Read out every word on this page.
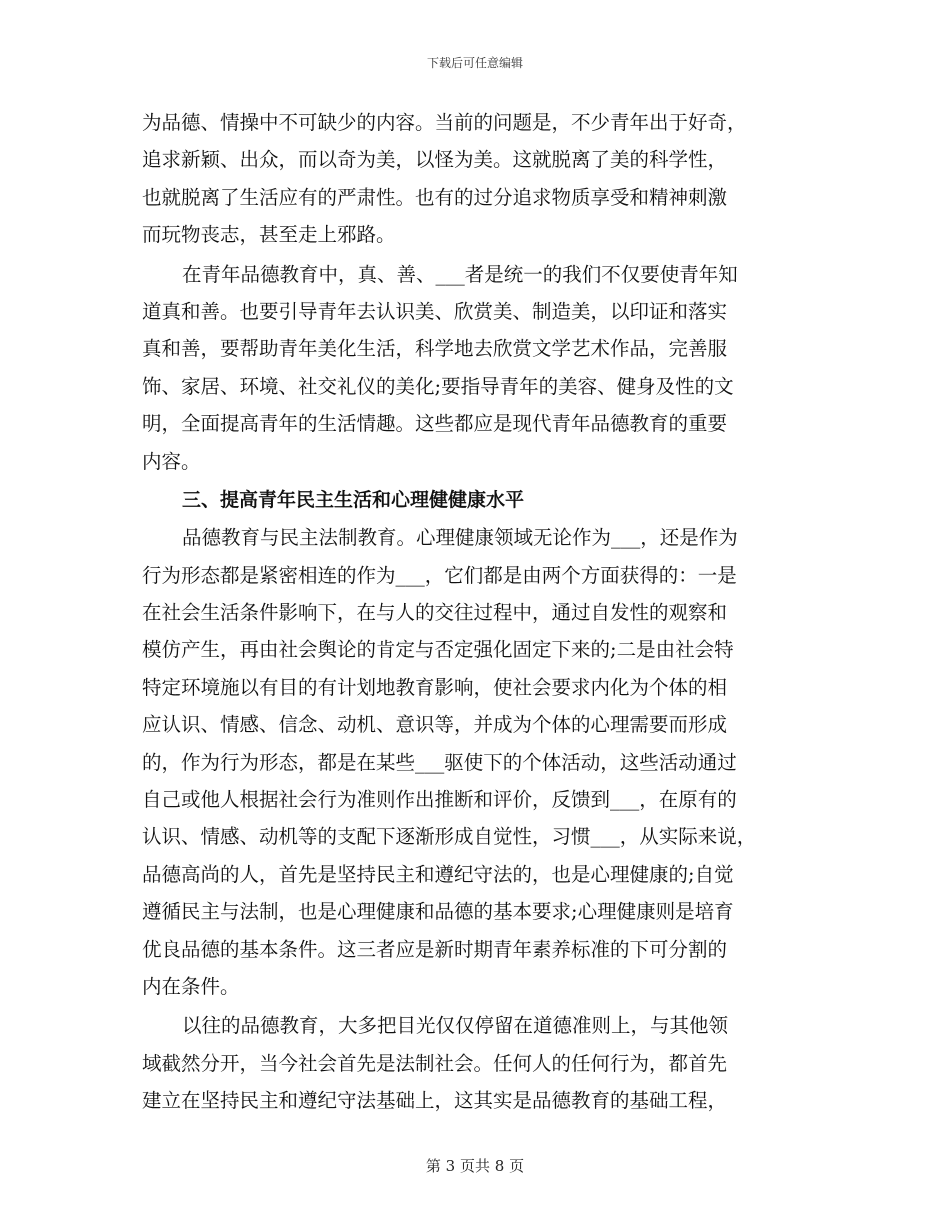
下载后可任意编辑
为品德、情操中不可缺少的内容。当前的问题是，不少青年出于好奇，
追求新颖、出众，而以奇为美，以怪为美。这就脱离了美的科学性，
也就脱离了生活应有的严肃性。也有的过分追求物质享受和精神刺激
而玩物丧志，甚至走上邪路。
在青年品德教育中，真、善、___者是统一的我们不仅要使青年知
道真和善。也要引导青年去认识美、欣赏美、制造美，以印证和落实
真和善，要帮助青年美化生活，科学地去欣赏文学艺术作品，完善服
饰、家居、环境、社交礼仪的美化;要指导青年的美容、健身及性的文
明，全面提高青年的生活情趣。这些都应是现代青年品德教育的重要
内容。
三、提高青年民主生活和心理健健康水平
品德教育与民主法制教育。心理健康领域无论作为___，还是作为
行为形态都是紧密相连的作为___，它们都是由两个方面获得的：一是
在社会生活条件影响下，在与人的交往过程中，通过自发性的观察和
模仿产生，再由社会舆论的肯定与否定强化固定下来的;二是由社会特
特定环境施以有目的有计划地教育影响，使社会要求内化为个体的相
应认识、情感、信念、动机、意识等，并成为个体的心理需要而形成
的，作为行为形态，都是在某些___驱使下的个体活动，这些活动通过
自己或他人根据社会行为准则作出推断和评价，反馈到___，在原有的
认识、情感、动机等的支配下逐渐形成自觉性，习惯___，从实际来说，
品德高尚的人，首先是坚持民主和遵纪守法的，也是心理健康的;自觉
遵循民主与法制，也是心理健康和品德的基本要求;心理健康则是培育
优良品德的基本条件。这三者应是新时期青年素养标准的下可分割的
内在条件。
以往的品德教育，大多把目光仅仅停留在道德准则上，与其他领
域截然分开，当今社会首先是法制社会。任何人的任何行为，都首先
建立在坚持民主和遵纪守法基础上，这其实是品德教育的基础工程，
第 3 页共 8 页
